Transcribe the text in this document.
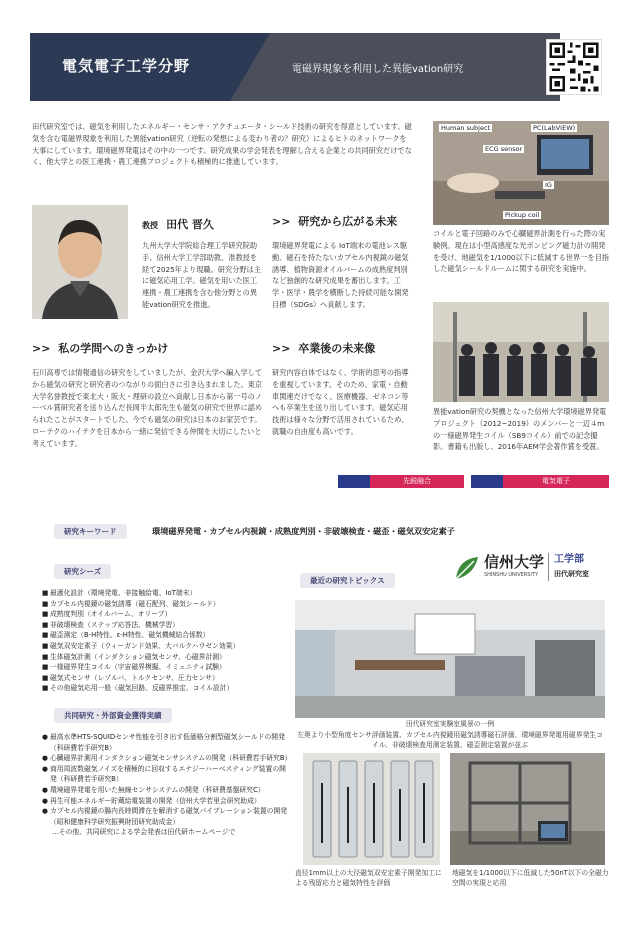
電気電子工学分野	電磁界現象を利用した異能vation研究

田代研究室では、磁気を利用したエネルギー・センサ・アクチュエータ・シールド技術の研究を得意としています。磁気を含む電磁界現象を利用した異能vation研究（逆転の発想による変わり者の？研究）によるヒトのネットワークを大事にしています。環境磁界発電はその中の一つです。研究成果の学会発表を理解し合える企業との共同研究だけでなく、他大学との医工連携・農工連携プロジェクトも積極的に推進しています。

教授 田代 晋久

九州大学大学院総合理工学研究院助手、信州大学工学部助教、准教授を経て2025年より現職。研究分野は主に磁気応用工学。磁気を用いた医工連携・農工連携を含む他分野との異能vation研究を推進。

>> 研究から広がる未来

環境磁界発電による IoT端末の電池レス駆動、磁石を持たないカプセル内視鏡の磁気誘導、植物資源オイルバームの成熟度判別など独創的な研究成果を蓄出します。工学・医学・農学を横断した持続可能な開発目標（SDGs）へ貢献します。

>> 私の学問へのきっかけ

石川高専では情報通信の研究をしていましたが、金沢大学へ編入学してから磁気の研究と研究者のつながりの面白さに引き込まれました。東京大学名誉教授で東北大・阪大・理研の設立へ貢献し日本から第一号のノーベル賞研究者を送り込んだ長岡半太郎先生も磁気の研究で世界に認められたことがスタートでした。今でも磁気の研究は日本のお家芸です。ローテクのハイテクを日本から一緒に発信できる仲間を大切にしたいと考えています。

>> 卒業後の未来像

研究内容自体ではなく、学術的思考の指導を重視しています。そのため、家電・自動車関連だけでなく、医療機器、ゼネコン等へも卒業生を送り出しています。磁気応用技術は様々な分野で活用されているため、就職の自由度も高いです。

Human subject	PC(LabVIEW)
ECG sensor
IG
Pickup coil

コイルと電子回路のみで心臓磁界計測を行った際の実験例。現在は小型高感度な光ポンピング磁力計の開発を受け、地磁気を1/1000以下に低減する世界一を目指した磁気シールドルームに関する研究を実施中。

異能vation研究の契機となった信州大学環境磁界発電プロジェクト（2012~2019）のメンバーと一辺４mの一様磁界発生コイル（SB9コイル）前での記念撮影。書籍も出版し、2016年AEM学会著作賞を受賞。

先鋭融合	電気電子
研究キーワード	環境磁界発電・カプセル内視鏡・成熟度判別・非破壊検査・磁歪・磁気双安定素子
研究シーズ
■ 最適化設計（環境発電、非接触給電、IoT端末）
■ カプセル内視鏡の磁気誘導（磁石配列、磁気シールド）
■ 成熟度判別（オイルバーム、オリーブ）
■ 非破壊検査（ステップ応答法、機械学習）
■ 磁歪測定（B-H特性、ε-H特性、磁気機械結合係数）
■ 磁気双安定素子（ウィーガンド効果、大バルクハウゼン効果）
■ 生体磁気計測（インダクション磁気センサ、心磁界計測）
■ 一様磁界発生コイル（宇宙磁界模擬、イミュニティ試験）
■ 磁気式センサ（レゾルバ、トルクセンサ、圧力センサ）
■ その他磁気応用一般（磁気回路、反磁界推定、コイル設計）
共同研究・外部資金獲得実績
● 最高水準HTS-SQUIDセンサ性能を引き出す低価格分割型磁気シールドの開発（科研費若手研究B）
● 心臓磁界計測用インダクション磁気センサシステムの開発（科研費若手研究B）
● 商用周波数磁気ノイズを積極的に回収するエナジーハーベスティング装置の開発（科研費若手研究B）
● 環境磁界発電を用いた無線センサシステムの開発（科研費基盤研究C）
● 再生可能エネルギー貯蔵給電装置の開発（信州大学若里会研究助成）
● カプセル内視鏡の腸内長時間滞在を解消する磁気バイブレーション装置の開発（昭和健康科学研究振興財団研究助成金）
…その他、共同研究による学会発表は田代研ホームページで
信州大学
SHINSHU UNIVERSITY
工学部
田代研究室
最近の研究トピックス
田代研究室実験室風景の一例
左奥より小型角度センサ評価装置、カプセル内視鏡用磁気誘導磁石評価、環境磁界発電用磁界発生コイル、非破壊検査用測定装置、磁歪測定装置が並ぶ
直径1mm以上の大径磁気双安定素子開発加工による残留応力と磁気特性を評価
地磁気を1/1000以下に低減した50nT以下の全磁力空間の実現と応用
